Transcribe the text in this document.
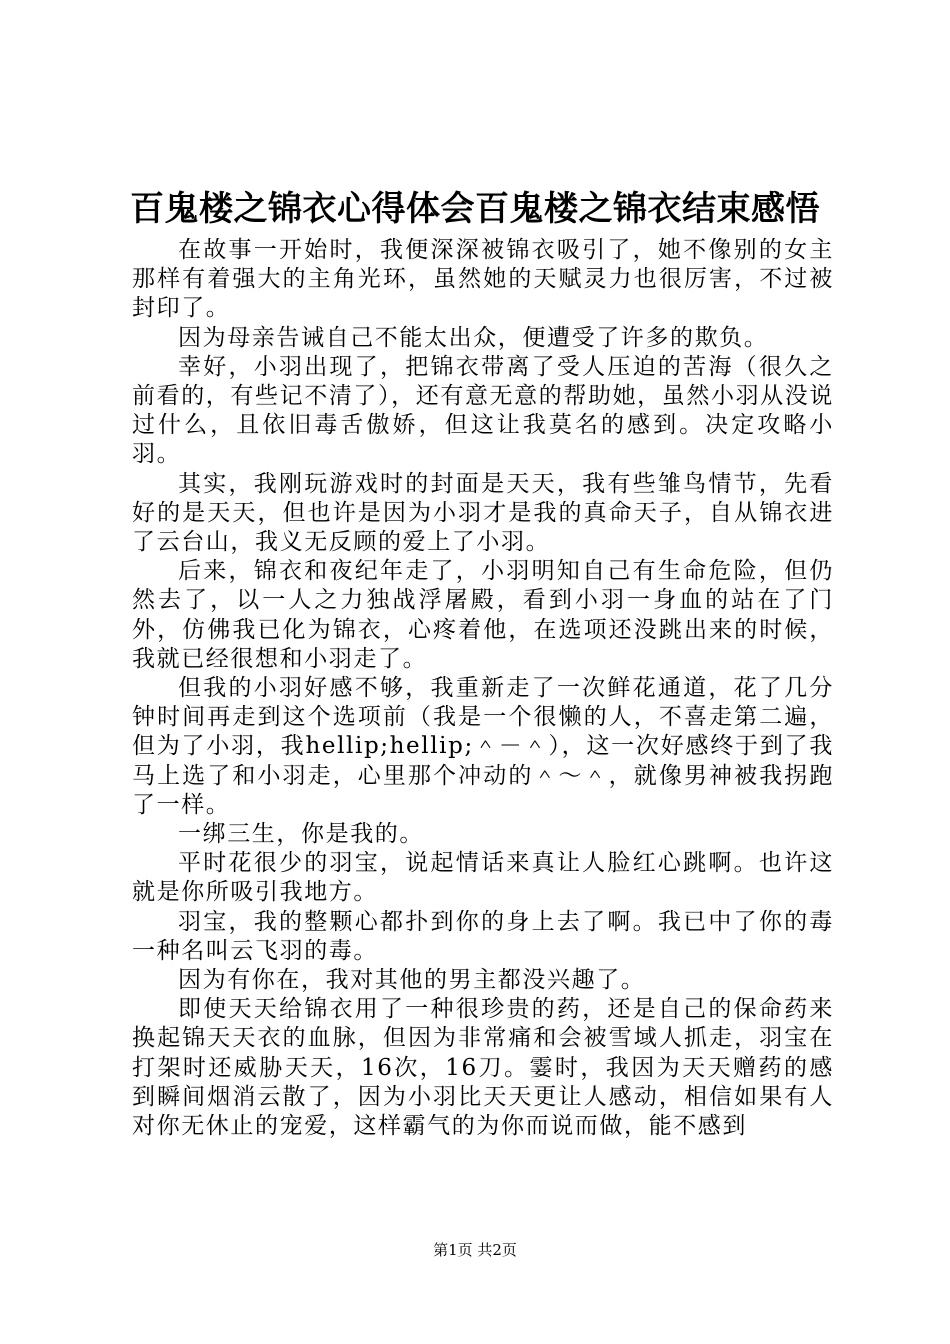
百鬼楼之锦衣心得体会百鬼楼之锦衣结束感悟

在故事一开始时，我便深深被锦衣吸引了，她不像别的女主那样有着强大的主角光环，虽然她的天赋灵力也很厉害，不过被封印了。

因为母亲告诫自己不能太出众，便遭受了许多的欺负。

幸好，小羽出现了，把锦衣带离了受人压迫的苦海（很久之前看的，有些记不清了），还有意无意的帮助她，虽然小羽从没说过什么，且依旧毒舌傲娇，但这让我莫名的感到。决定攻略小羽。

其实，我刚玩游戏时的封面是天天，我有些雏鸟情节，先看好的是天天，但也许是因为小羽才是我的真命天子，自从锦衣进了云台山，我义无反顾的爱上了小羽。

后来，锦衣和夜纪年走了，小羽明知自己有生命危险，但仍然去了，以一人之力独战浮屠殿，看到小羽一身血的站在了门外，仿佛我已化为锦衣，心疼着他，在选项还没跳出来的时候，我就已经很想和小羽走了。

但我的小羽好感不够，我重新走了一次鲜花通道，花了几分钟时间再走到这个选项前（我是一个很懒的人，不喜走第二遍，但为了小羽，我hellip;hellip;＾－＾），这一次好感终于到了我马上选了和小羽走，心里那个冲动的＾～＾，就像男神被我拐跑了一样。

一绑三生，你是我的。

平时花很少的羽宝，说起情话来真让人脸红心跳啊。也许这就是你所吸引我地方。

羽宝，我的整颗心都扑到你的身上去了啊。我已中了你的毒一种名叫云飞羽的毒。

因为有你在，我对其他的男主都没兴趣了。

即使天天给锦衣用了一种很珍贵的药，还是自己的保命药来换起锦天天衣的血脉，但因为非常痛和会被雪域人抓走，羽宝在打架时还威胁天天，16次，16刀。霎时，我因为天天赠药的感到瞬间烟消云散了，因为小羽比天天更让人感动，相信如果有人对你无休止的宠爱，这样霸气的为你而说而做，能不感到

第1页 共2页
